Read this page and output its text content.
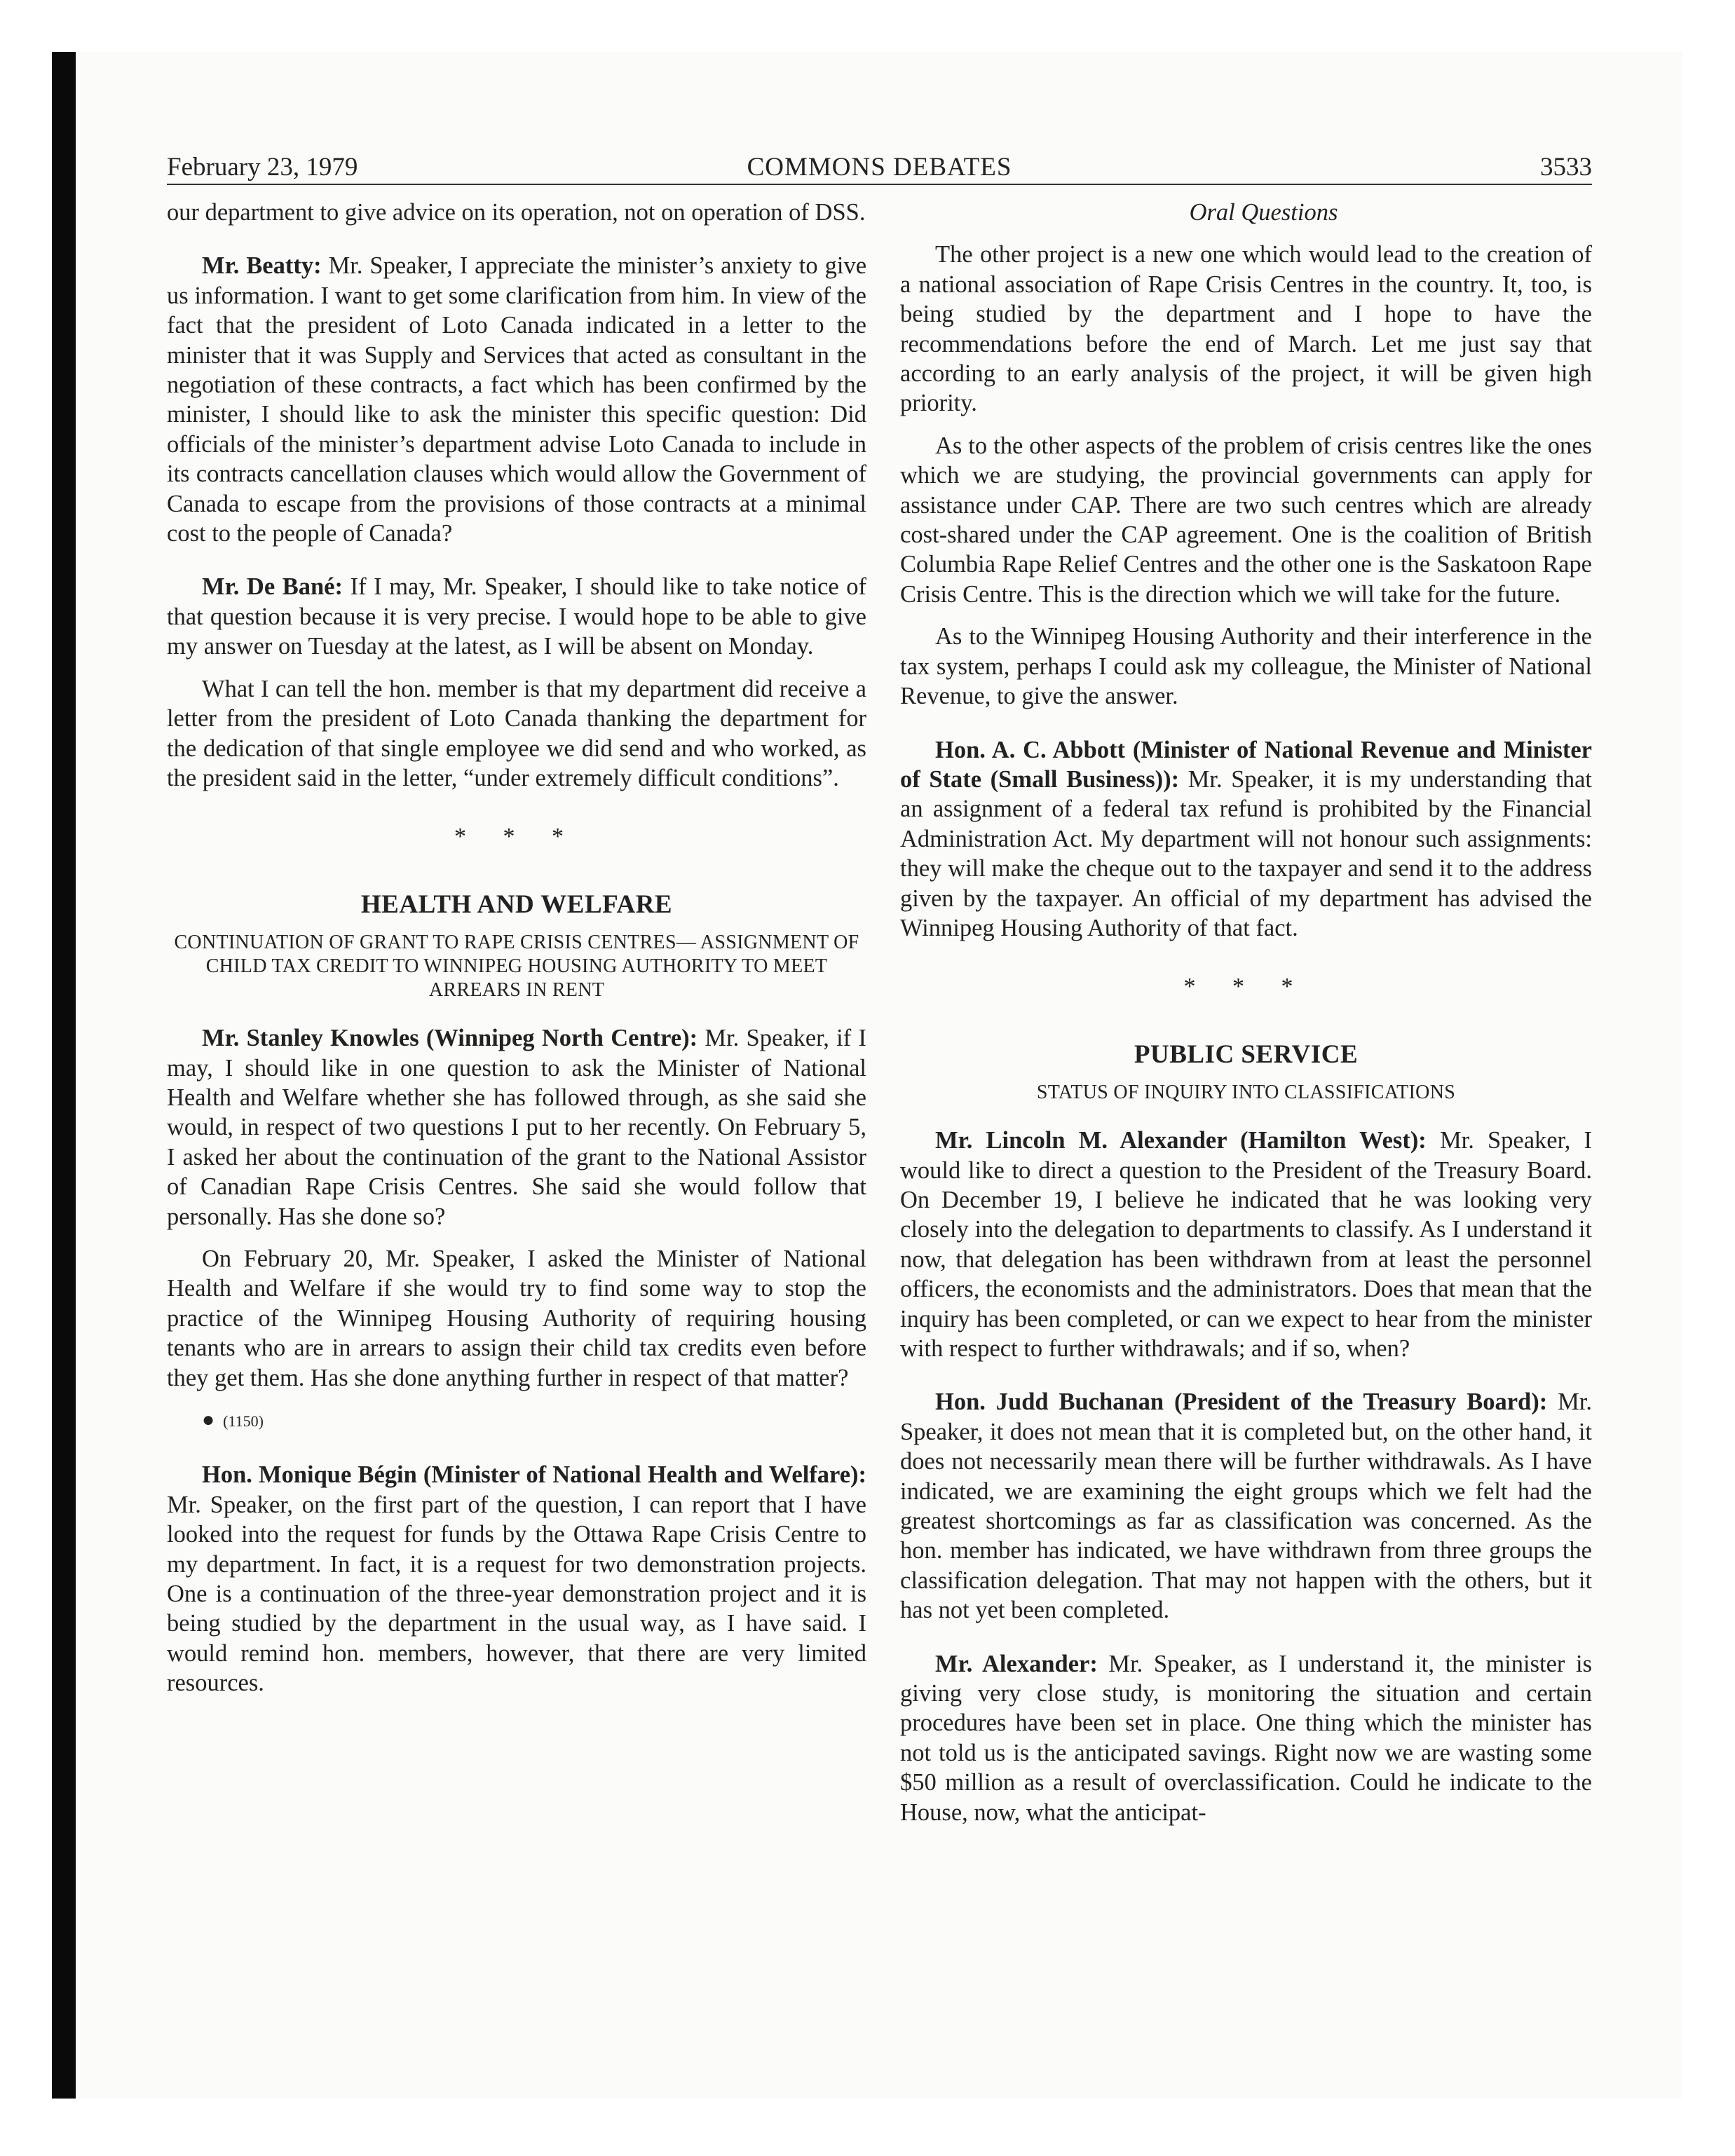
February 23, 1979	COMMONS DEBATES	3533

our department to give advice on its operation, not on operation of DSS.

Mr. Beatty: Mr. Speaker, I appreciate the minister’s anxiety to give us information. I want to get some clarification from him. In view of the fact that the president of Loto Canada indicated in a letter to the minister that it was Supply and Services that acted as consultant in the negotiation of these contracts, a fact which has been confirmed by the minister, I should like to ask the minister this specific question: Did officials of the minister’s department advise Loto Canada to include in its contracts cancellation clauses which would allow the Government of Canada to escape from the provisions of those contracts at a minimal cost to the people of Canada?

Mr. De Bané: If I may, Mr. Speaker, I should like to take notice of that question because it is very precise. I would hope to be able to give my answer on Tuesday at the latest, as I will be absent on Monday.

What I can tell the hon. member is that my department did receive a letter from the president of Loto Canada thanking the department for the dedication of that single employee we did send and who worked, as the president said in the letter, “under extremely difficult conditions”.

* * *
HEALTH AND WELFARE
CONTINUATION OF GRANT TO RAPE CRISIS CENTRES— ASSIGNMENT OF CHILD TAX CREDIT TO WINNIPEG HOUSING AUTHORITY TO MEET ARREARS IN RENT

Mr. Stanley Knowles (Winnipeg North Centre): Mr. Speaker, if I may, I should like in one question to ask the Minister of National Health and Welfare whether she has followed through, as she said she would, in respect of two questions I put to her recently. On February 5, I asked her about the continuation of the grant to the National Assistor of Canadian Rape Crisis Centres. She said she would follow that personally. Has she done so?

On February 20, Mr. Speaker, I asked the Minister of National Health and Welfare if she would try to find some way to stop the practice of the Winnipeg Housing Authority of requiring housing tenants who are in arrears to assign their child tax credits even before they get them. Has she done anything further in respect of that matter?

● (1150)

Hon. Monique Bégin (Minister of National Health and Welfare): Mr. Speaker, on the first part of the question, I can report that I have looked into the request for funds by the Ottawa Rape Crisis Centre to my department. In fact, it is a request for two demonstration projects. One is a continuation of the three-year demonstration project and it is being studied by the department in the usual way, as I have said. I would remind hon. members, however, that there are very limited resources.

Oral Questions

The other project is a new one which would lead to the creation of a national association of Rape Crisis Centres in the country. It, too, is being studied by the department and I hope to have the recommendations before the end of March. Let me just say that according to an early analysis of the project, it will be given high priority.

As to the other aspects of the problem of crisis centres like the ones which we are studying, the provincial governments can apply for assistance under CAP. There are two such centres which are already cost-shared under the CAP agreement. One is the coalition of British Columbia Rape Relief Centres and the other one is the Saskatoon Rape Crisis Centre. This is the direction which we will take for the future.

As to the Winnipeg Housing Authority and their interference in the tax system, perhaps I could ask my colleague, the Minister of National Revenue, to give the answer.

Hon. A. C. Abbott (Minister of National Revenue and Minister of State (Small Business)): Mr. Speaker, it is my understanding that an assignment of a federal tax refund is prohibited by the Financial Administration Act. My department will not honour such assignments: they will make the cheque out to the taxpayer and send it to the address given by the taxpayer. An official of my department has advised the Winnipeg Housing Authority of that fact.

* * *
PUBLIC SERVICE
STATUS OF INQUIRY INTO CLASSIFICATIONS

Mr. Lincoln M. Alexander (Hamilton West): Mr. Speaker, I would like to direct a question to the President of the Treasury Board. On December 19, I believe he indicated that he was looking very closely into the delegation to departments to classify. As I understand it now, that delegation has been withdrawn from at least the personnel officers, the economists and the administrators. Does that mean that the inquiry has been completed, or can we expect to hear from the minister with respect to further withdrawals; and if so, when?

Hon. Judd Buchanan (President of the Treasury Board): Mr. Speaker, it does not mean that it is completed but, on the other hand, it does not necessarily mean there will be further withdrawals. As I have indicated, we are examining the eight groups which we felt had the greatest shortcomings as far as classification was concerned. As the hon. member has indicated, we have withdrawn from three groups the classification delegation. That may not happen with the others, but it has not yet been completed.

Mr. Alexander: Mr. Speaker, as I understand it, the minister is giving very close study, is monitoring the situation and certain procedures have been set in place. One thing which the minister has not told us is the anticipated savings. Right now we are wasting some $50 million as a result of overclassification. Could he indicate to the House, now, what the anticipat-
